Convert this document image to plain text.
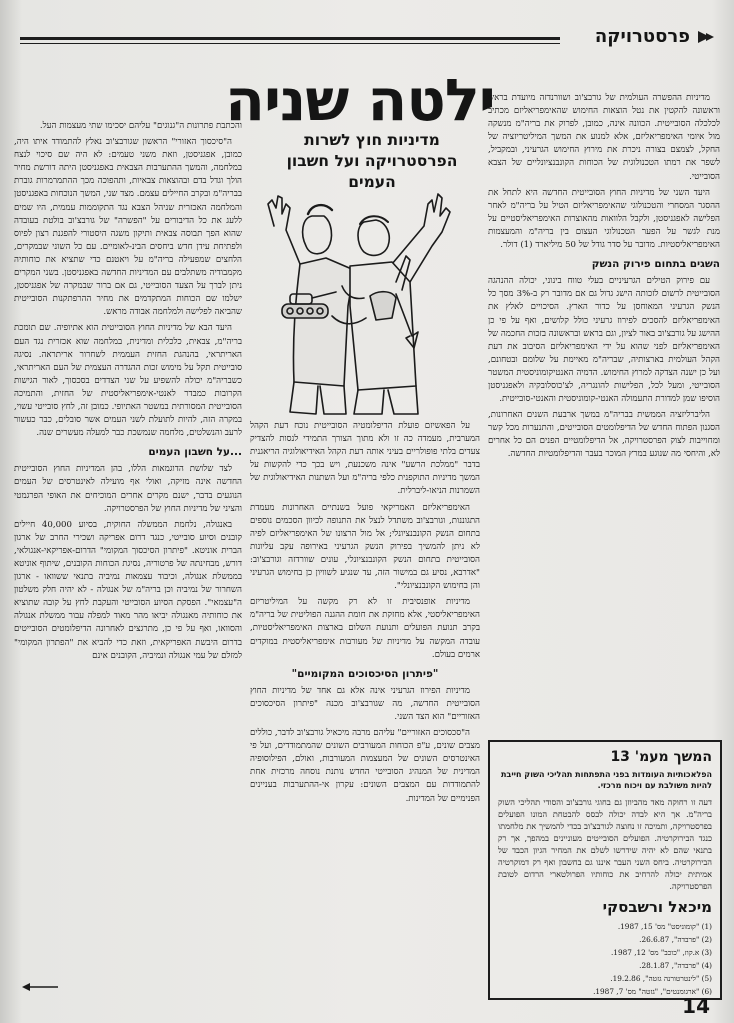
פרסטרויקה
ילטה שניה
מדיניות חוץ לשרות הפרסטרויקה ועל חשבון העמים

מדיניות ההפשרה העולמית של גורבצ'וב ושוורנדזה מיועדת בראש וראשונה להקטין את נטל הוצאות החימוש שהאימפריאליזם מכתיב לכלכלה הסובייטית. הכוונה אינה, כמובן, לפרוק את בריה"מ מנשקה מול איומי האימפריאליזם, אלא למנוע את המשך המיליטריזציה של החקל, לצמצם בצורה ניכרת את מירוץ החימוש הגרעיני, ובמקביל, לשפר את רמתו הטכנולוגית של הכוחות הקונבנציונליים של הצבא הסובייטי.

היעד השני של מדיניות החוץ הסובייטית החדשה היא לתחל את ההסגר המסחרי והטכנולוגי שהאימפריאליזם הטיל על בריה"מ לאחר הפלישה לאפגניסטן, ולקבל הלוואות מהאוצרות האימפריאליסטיים על מנת לגשר על הפער הטכנולוגי העצום בין בריה"מ והמעצמות האימפריאליסטיות. מדובר על סדר גודל של 50 מיליארד (1) דולר.

השגים בתחום פירוק הנשק

עם פירוק הטילים הגרעיניים בעלי טווח בינוני, יכולה ההנהגה הסובייטית לרשום לזכותה הישג גדול גם אם מדובר רק ב-3% מסך כל הנשק הגרעיני המאוחסן על כדור הארץ. הסיכויים לאלץ את האימפריאליזם להסכים לפירוז גרעיני כולל קלושים, ואף על פי כן ההישג על גורבצ'וב באור לציון, וגם בראש ובראשונה בזכות החכמה של האימפריאליזם לפני שהוא על ידי האימפריאליזם הסיבוב את דעת הקהל העולמית בארצותיה, שבריה"מ מאיימת על שלומם ובטחונם, ועל כן ישנה הצדקה למרוץ החימוש. הדמיה האנטיקומוניסטית המשטר הסובייטי, ומעל לכל, הפלישות להונגריה, לצ'כוסלובקיה ולאפגניסטן הוסיפו שמן למדורת התעמולה האנטי-קומוניסטית והאנטי-סובייטית.

הליברליזציה הממשית בבריה"מ במשך ארבעת השנים האחרונות, הסגנון הפתוח החדש של הדיפלומטים הסובייטים, והתנערות מכל קשר ומחוייבות לצוק הפרסטרויקה, אל הדיפלומטיים הפנים הם כל אחרים לא, והיחסי מה שנוגע במרץ המוכר בעבר והדיפלומטיות החדשה.

על הפאשיזם פועלת הדיפלומטיה הסובייטית נוכח דעת הקהל המערבית, מעמדה כה זו ולא מתוך הצורך התמידי לנסות להצדיק צעדים בלתי פופולריים בעיני אותה דעת הקהל האידיאולוגיה הריאגנית בדבר "ממלכת הרשע" אינה משכנעת, ויש בכך כדי להקשות על המשך מדיניות התוקפנית כלפי בריה"מ ועל השתנות האידיאולוגית של השמרנות הניאו-ליברלית.

האימפריאליזם האמריקאי פועל בשנתיים האחרונות מעמדת התגוננות, וגורבצ'וב משתדל לנצל את התנופה לכיוון הסכמים נוספים בתחום הנשק הקונבנציונלי; אל מול הרצונו של האימפריאליזם לפיה לא ניתן להמשיך בפירוק הנשק הגרעיני באירופה עקב עליונות הסובייטית בתחום הנשק הקונבנציונלי, עונים שוורדזה וגורבצ'וב: "אדרבא, נסיע גם במישור הזה, עד שנגיע לשוויון כן בחימוש הגרעיני והן בחימוש הקונבנציונלי".

מדיניות אופנסיבית זו לא רק מקשה על המיליטריזם האימפריאליסטי, אלא מחזקת את חומת ההגנה הפוליטית של בריה"מ בקרב תנועת הפועלים ותנועת השלום בארצות האימפריאליסטיות, עובדה המקשה על מדיניות של מעורבות אימפריאליסטית במוקדים ארמים בעולם.

"פיתרון הסיכסוכים המקומיים"

מדיניות הפירוז הגרעיני אינה אלא גם אחד של מדיניות החוץ הסובייטית החדשה, מה שגורבצ'וב מכנה "פיתרון הסיכסוכים האזוריים" הוא הצד השני.

ה"סכסוכים האזוריים" עליהם מרבה מיכאיל גורבצ'וב לדבר, כוללים מצבים שונים, ע"פ הכוחות המעורבים השונים שהמתמודדים, ועל פי האינטרסים השונים של המעצמות המעורבות, ואולם, הפילוסופיה המדינית של המנהיג הסובייטי החדש נותנת נוסחה מרכזית אחת להתמודדות עם המצבים השונים: עקרון אי-ההתערבות בעניינים הפנימיים של המדינות.

המשך מעמ' 13
הפלאכותיות העומדות בפני התפתחות תהליכי השוק חייבת להיות משולבת עם ויכוח מרכזי.
דעה זו רחוקה מאד מהביוזן גם בחוגי גורבצ'וב והסודי תהליכי השוק בריה"מ. אך היא לבדה יכולה לבסס להבטחת המונו הפועלים בפרסטרויקה, ותמיכה זו נחוצה לגורבצ'וב בכדי להמשיך את מלחמתו כנגד הבירוקרטיה. הפועלים הסובייטים מעוניינים במהפך, אך רק בתנאי שהם לא יהיה שידרשו לשלם את המחיר הגיון הכבד של הבירוקרטיה. ביחס השני העבר איננו גם בחשבון ואף רק דמוקרטיה אמיתית יכולה להרחיב את כוחותיו הפרולטארי הרדום לטובת הפרסטרויקה.
מיכאל ורשבסקי
(1) "קומוניסט" מס' 15, 1987.
(2) "פרבדה", 26.6.87.
(3) א.קוז, "כוכב" מס' 12, 1987.
(4) "פרבדה", 28.1.87.
(5) "לינטרטורנה גזטה", 19.2.86.
(6) "ארגומנטים", "גזטה" מס' 7, 1987.

והכתבת פתרונות ה"גנוגים" עליהם יסכימו שתי מעצמות העל.

ה"סיכסוך האזורי" הראשון שגורבצ'וב נאלץ להתמודד איתו היה, כמובן, אפגניסטן, וזאת משני טעמים: לא היה שם סיכוי לנצח במלחמה, והמשך ההתערבות הצבאית באפגניסטן היתה דורשת מחיר הולך וגדל בדם ובהוצאות צבאיות, ותהפוכה מכך ההתמרמרות גוברת בבריה"מ ובקרב החיילים עצמם. מצד שני, המשך הנוכחות באפגניסטן והמלחמה האכזרית שניהל הצבא נגד התקוממות עממית, היו שמים ללעג את כל הדיבורים על "הפשרה" של גורבצ'וב בולטת בעובדה שהוא הפך תבוסה צבאית ותיקון משגה היסטורי להפגנת רצון לפיוס ולפתיחת עידן חדש ביחסים הבינ-לאומיים. עם כל השוני שבמקרים, הלחצים שמפעילה בריה"מ על ויאטנם כדי שתציא את כוחותיה מקמבודיה משתלבים עם המדיניות החדשה באפגניסטן. בשני המקרים ניתן לברך על הצעד הסובייטי, גם אם ברור שבמקרה של אפגניסטן, ישלמו שם הכוחות המתקדמים את מחיר ההרפתקנות הסובייטית שהביאה לפלישה ולמלחמה אבודה מראש.

היעד הבא של מדיניות החוץ הסובייטית הוא אתיופיה. שם תומכת בריה"מ, צבאית, כלכלית ומדינית, במלחמה שוא אכזרית נגד העם האריתראי, בהנהגת החזית העממית לשחרור אריתראה. נסיגה סובייטית תקל על מימוש זכות ההגדרה העצמית של העם האריתראי, כשבריה"מ יכולה להשפיע על שני הצדדים בסכסוך, לאור הגישות הקרובות כמבדר לאנטי-אימפריאליסטית של החזית, והתמיכה הסובייטית המסורתית במשטר האתיופי. כמובן זה, לחץ סובייטי עשוי, במקרה הזה, להיות לתועלת לשני העמים אשר סובלים, כבר כעשור לרעב והנשלטים, מלחמה שנמשכת כבר למעלה מעשרים שנה.

...על חשבון העמים

לצד שלושת הדוגמאות הללו, בהן המדיניות החוץ הסובייטית החדשה אינה מזיקה, ואולי אף מועילה לאינטרסים של העמים הנוגעים בדבר, ישנם מקרים אחרים המוכיחים את האופי הפרגמטי והציני של מדיניות החוץ של הפרסטרויקה.

באנגולה, נלחמת הממשלה החוקית, בסיוע 40,000 חיילים קובנים וסיוע סובייטי, כנגד דרום אפריקה ושכירי החרב של ארגון הברית אוניטא. "פיתרון הסיכסוך המקומי" הדרום-אפריקאי-אנגולאי, דורש, מבחינתה של פרטוריה, נסיגת הכוחות הקובנים, שיתוף אוניטא בממשלת אנגולה, וכיבוד עצמאות נמיביה בתנאי ששוואו - ארגון השחרור של נמיביה וכן בריה"מ של אנגולה - לא יהיה חלק משלטון ה"עצמאי". הפסקת הסיוע הסובייטי והעקבת לחץ על קובה שתוציא את כוחותיה מאנגולה יביאו מהר מאוד למפלה עבור ממשלת אנגולה והסוואו, ואף על פי כן, מתרגצים לאחרונה הדיפלומטים הסובייטים בדרום היבשת האפריקאית, וזאת כדי להביא את "הפתרון המקומי" למזלם של עמי אנגולה ונמיביה, הקובנים אינם

14
